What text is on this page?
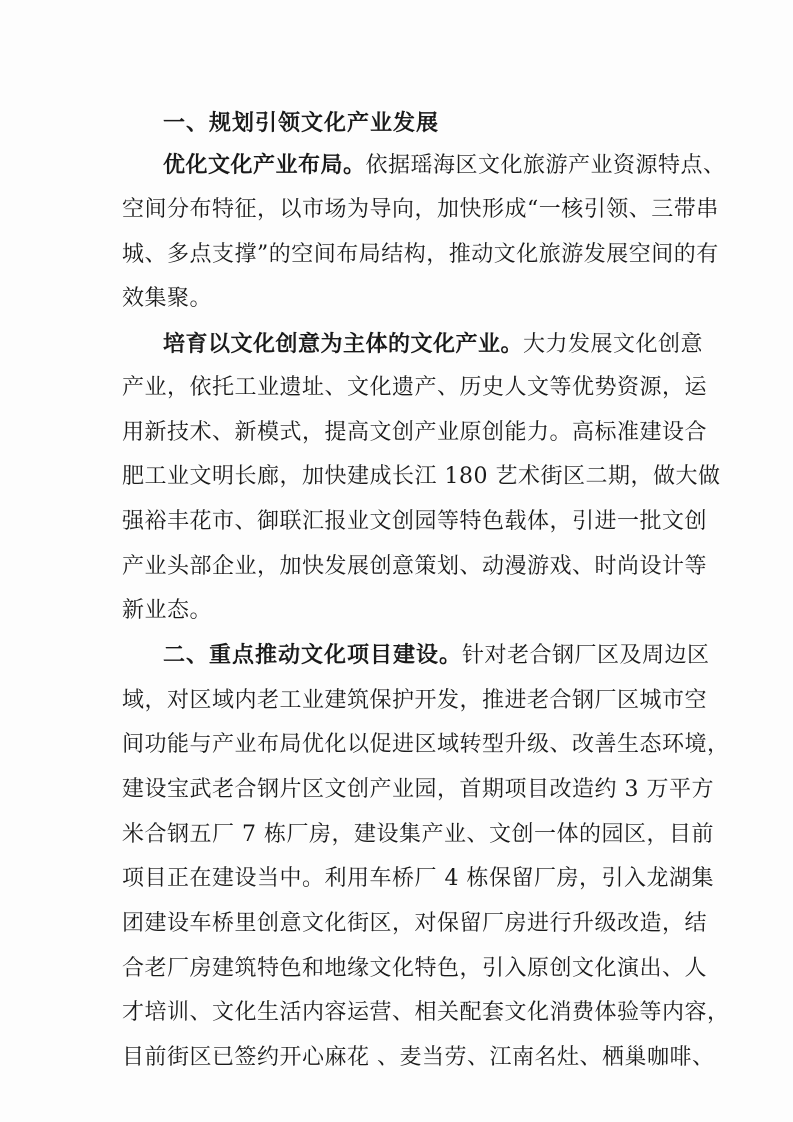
一、规划引领文化产业发展
优化文化产业布局。依据瑶海区文化旅游产业资源特点、
空间分布特征，以市场为导向，加快形成“一核引领、三带串
城、多点支撑”的空间布局结构，推动文化旅游发展空间的有
效集聚。
培育以文化创意为主体的文化产业。大力发展文化创意
产业，依托工业遗址、文化遗产、历史人文等优势资源，运
用新技术、新模式，提高文创产业原创能力。高标准建设合
肥工业文明长廊，加快建成长江 180 艺术街区二期，做大做
强裕丰花市、御联汇报业文创园等特色载体，引进一批文创
产业头部企业，加快发展创意策划、动漫游戏、时尚设计等
新业态。
二、重点推动文化项目建设。针对老合钢厂区及周边区
域，对区域内老工业建筑保护开发，推进老合钢厂区城市空
间功能与产业布局优化以促进区域转型升级、改善生态环境，
建设宝武老合钢片区文创产业园，首期项目改造约 3 万平方
米合钢五厂 7 栋厂房，建设集产业、文创一体的园区，目前
项目正在建设当中。利用车桥厂 4 栋保留厂房，引入龙湖集
团建设车桥里创意文化街区，对保留厂房进行升级改造，结
合老厂房建筑特色和地缘文化特色，引入原创文化演出、人
才培训、文化生活内容运营、相关配套文化消费体验等内容，
目前街区已签约开心麻花 、麦当劳、江南名灶、栖巢咖啡、
